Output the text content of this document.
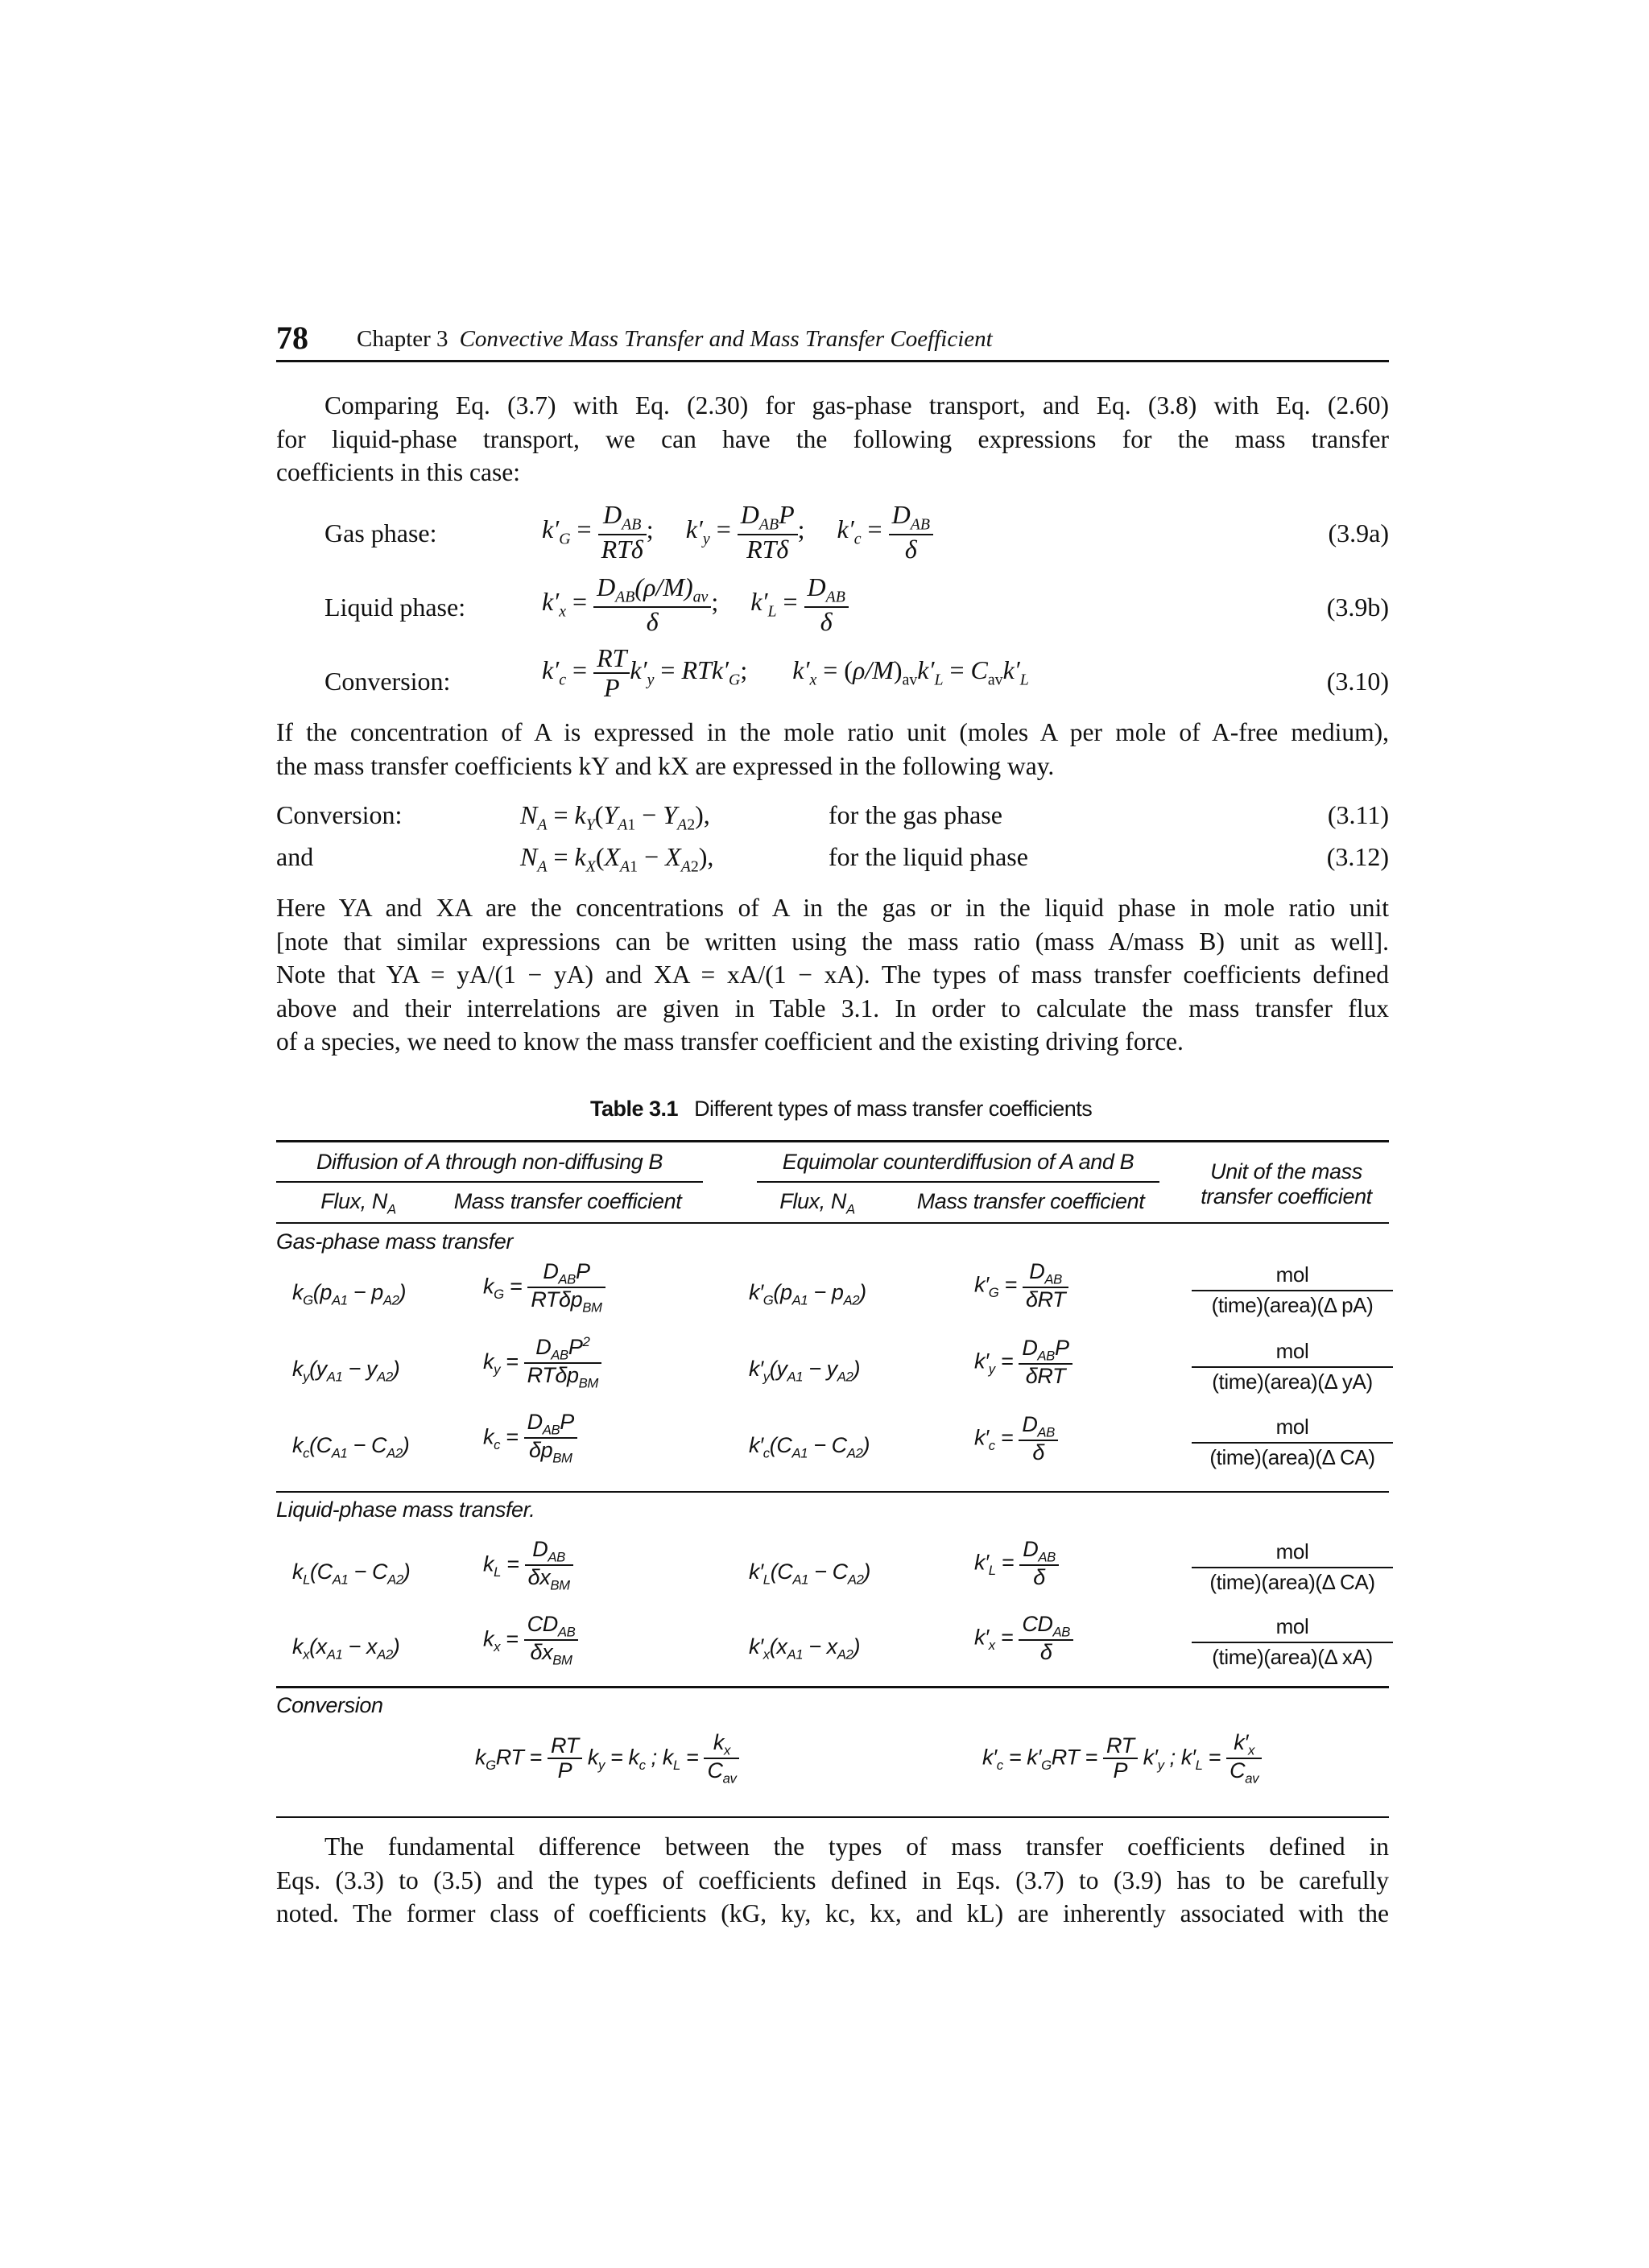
78 Chapter 3 Convective Mass Transfer and Mass Transfer Coefficient
Comparing Eq. (3.7) with Eq. (2.30) for gas-phase transport, and Eq. (3.8) with Eq. (2.60)
for liquid-phase transport, we can have the following expressions for the mass transfer
coefficients in this case:
Gas phase:	$k'_G = \frac{D_{AB}}{\text{RTδ}}$ ;     $k'_y = \frac{D_{AB}P}{\text{RTδ}}$ ;     $k'_c = \frac{D_{AB}}{\delta}$	(3.9a)
Liquid phase:	$k'_x = \frac{D_{AB}(\rho/M)_{av}}{\delta}$ ;     $k'_L = \frac{D_{AB}}{\delta}$	(3.9b)
Conversion:	$k'_c = \frac{RT}{P} k'_y = RTk'_G$;       $k'_x = (\rho/M)_{av}k'_L = C_{av}k'_L$	(3.10)
If the concentration of A is expressed in the mole ratio unit (moles A per mole of A-free medium),
the mass transfer coefficients kY and kX are expressed in the following way.
Conversion:	$N_A = k_Y(Y_{A1} - Y_{A2})$,	for the gas phase	(3.11)
and	$N_A = k_X(X_{A1} - X_{A2})$,	for the liquid phase	(3.12)
Here YA and XA are the concentrations of A in the gas or in the liquid phase in mole ratio unit
[note that similar expressions can be written using the mass ratio (mass A/mass B) unit as well].
Note that YA = yA/(1 − yA) and XA = xA/(1 − xA). The types of mass transfer coefficients defined
above and their interrelations are given in Table 3.1. In order to calculate the mass transfer flux
of a species, we need to know the mass transfer coefficient and the existing driving force.
Table 3.1 Different types of mass transfer coefficients
Diffusion of A through non-diffusing B	Equimolar counterdiffusion of A and B	Unit of the mass
transfer coefficient
Flux, $N_A$	Mass transfer coefficient	Flux, $N_A$	Mass transfer coefficient
Gas-phase mass transfer
$k_G(p_{A1} - p_{A2})$	$k_G = \frac{D_{AB}P}{RT\delta p_{BM}}$	$k'_G(p_{A1} - p_{A2})$	$k'_G = \frac{D_{AB}}{\text{δRT}}$	mol
(time)(area)(Δ pA)
$k_y(y_{A1} - y_{A2})$	$k_y = \frac{D_{AB}P^2}{RT\delta p_{BM}}$	$k'_y(y_{A1} - y_{A2})$	$k'_y = \frac{D_{AB}P}{\text{δRT}}$	mol
(time)(area)(Δ yA)
$k_c(C_{A1} - C_{A2})$	$k_c = \frac{D_{AB}P}{\delta p_{BM}}$	$k'_c(C_{A1} - C_{A2})$	$k'_c = \frac{D_{AB}}{\delta}$	mol
(time)(area)(Δ CA)
Liquid-phase mass transfer.
$k_L(C_{A1} - C_{A2})$	$k_L = \frac{D_{AB}}{\delta x_{BM}}$	$k'_L(C_{A1} - C_{A2})$	$k'_L = \frac{D_{AB}}{\delta}$	mol
(time)(area)(Δ CA)
$k_x(x_{A1} - x_{A2})$	$k_x = \frac{CD_{AB}}{\delta x_{BM}}$	$k'_x(x_{A1} - x_{A2})$	$k'_x = \frac{CD_{AB}}{\delta}$	mol
(time)(area)(Δ xA)
Conversion
$k_GRT = \frac{RT}{P} k_y = k_c$ ; $k_L = \frac{k_x}{C_{av}}$	$k'_c = k'_GRT = \frac{RT}{P} k'_y$ ; $k'_L = \frac{k'_x}{C_{av}}$
The fundamental difference between the types of mass transfer coefficients defined in
Eqs. (3.3) to (3.5) and the types of coefficients defined in Eqs. (3.7) to (3.9) has to be carefully
noted. The former class of coefficients (kG, ky, kc, kx, and kL) are inherently associated with the
